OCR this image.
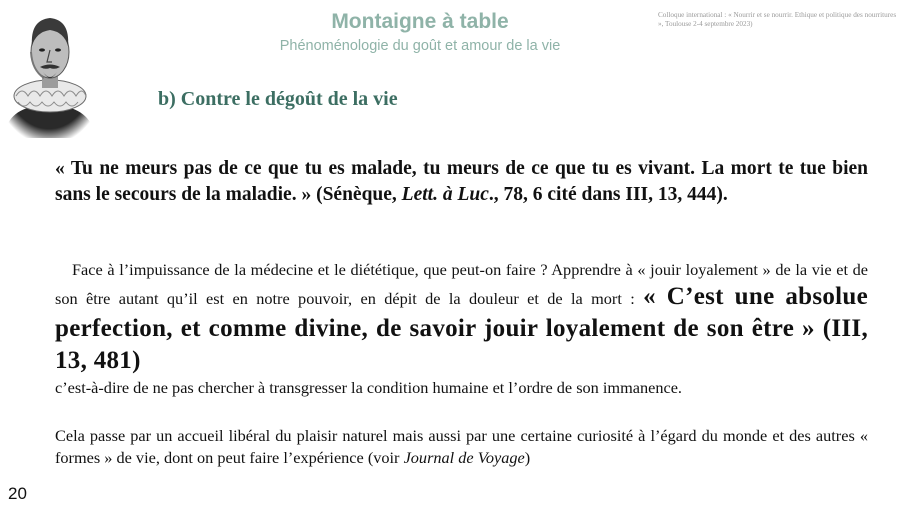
Montaigne à table
Phénoménologie du goût et amour de la vie
Colloque international : « Nourrir et se nourrir. Ethique et politique des nourritures », Toulouse 2-4 septembre 2023)
b) Contre le dégoût de la vie
« Tu ne meurs pas de ce que tu es malade, tu meurs de ce que tu es vivant. La mort te tue bien sans le secours de la maladie. » (Sénèque, Lett. à Luc., 78, 6 cité dans III, 13, 444).
Face à l’impuissance de la médecine et le diététique, que peut-on faire ? Apprendre à « jouir loyalement » de la vie et de son être autant qu’il est en notre pouvoir, en dépit de la douleur et de la mort : « C’est une absolue perfection, et comme divine, de savoir jouir loyalement de son être » (III, 13, 481)
c’est-à-dire de ne pas chercher à transgresser la condition humaine et l’ordre de son immanence.
Cela passe par un accueil libéral du plaisir naturel mais aussi par une certaine curiosité à l’égard du monde et des autres « formes » de vie, dont on peut faire l’expérience (voir Journal de Voyage)
20
